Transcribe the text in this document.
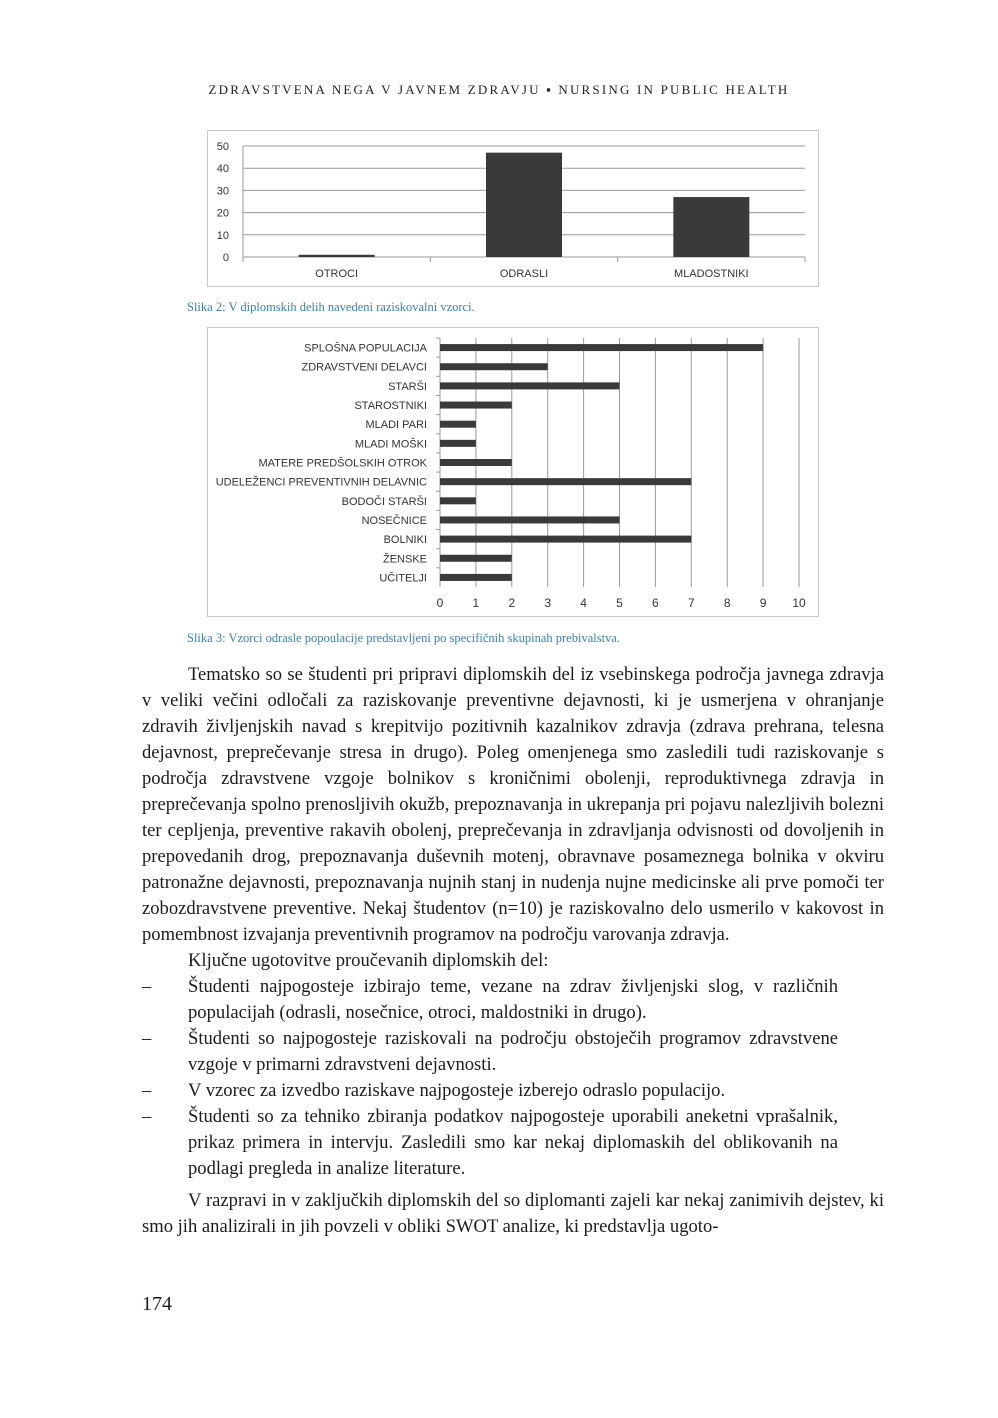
ZDRAVSTVENA NEGA V JAVNEM ZDRAVJU ▪ NURSING IN PUBLIC HEALTH
0
10
20
30
40
50
OTROCI	ODRASLI	MLADOSTNIKI
Slika 2: V diplomskih delih navedeni raziskovalni vzorci.
0 1 2 3 4 5 6 7 8 9 10
SPLOŠNA POPULACIJA
ZDRAVSTVENI DELAVCI
STARŠI
STAROSTNIKI
MLADI PARI
MLADI MOŠKI
MATERE PREDŠOLSKIH OTROK
UDELEŽENCI PREVENTIVNIH DELAVNIC
BODOČI STARŠI
NOSEČNICE
BOLNIKI
ŽENSKE
UČITELJI
Slika 3: Vzorci odrasle popoulacije predstavljeni po specifičnih skupinah prebivalstva.

Tematsko so se študenti pri pripravi diplomskih del iz vsebinskega področja javnega zdravja v veliki večini odločali za raziskovanje preventivne dejavnosti, ki je usmerjena v ohranjanje zdravih življenjskih navad s krepitvijo pozitivnih kazalnikov zdravja (zdrava prehrana, telesna dejavnost, preprečevanje stresa in drugo). Poleg omenjenega smo zasledili tudi raziskovanje s področja zdravstvene vzgoje bolnikov s kroničnimi obolenji, reproduktivnega zdravja in preprečevanja spolno prenosljivih okužb, prepoznavanja in ukrepanja pri pojavu nalezljivih bolezni ter cepljenja, preventive rakavih obolenj, preprečevanja in zdravljanja odvisnosti od dovoljenih in prepovedanih drog, prepoznavanja duševnih motenj, obravnave posameznega bolnika v okviru patronažne dejavnosti, prepoznavanja nujnih stanj in nudenja nujne medicinske ali prve pomoči ter zobozdravstvene preventive. Nekaj študentov (n=10) je raziskovalno delo usmerilo v kakovost in pomembnost izvajanja preventivnih programov na področju varovanja zdravja.

Ključne ugotovitve proučevanih diplomskih del:

– Študenti najpogosteje izbirajo teme, vezane na zdrav življenjski slog, v različnih populacijah (odrasli, nosečnice, otroci, maldostniki in drugo).
– Študenti so najpogosteje raziskovali na področju obstoječih programov zdravstvene vzgoje v primarni zdravstveni dejavnosti.
– V vzorec za izvedbo raziskave najpogosteje izberejo odraslo populacijo.
– Študenti so za tehniko zbiranja podatkov najpogosteje uporabili aneketni vprašalnik, prikaz primera in intervju. Zasledili smo kar nekaj diplomaskih del oblikovanih na podlagi pregleda in analize literature.

V razpravi in v zaključkih diplomskih del so diplomanti zajeli kar nekaj zanimivih dejstev, ki smo jih analizirali in jih povzeli v obliki SWOT analize, ki predstavlja ugoto-

174
